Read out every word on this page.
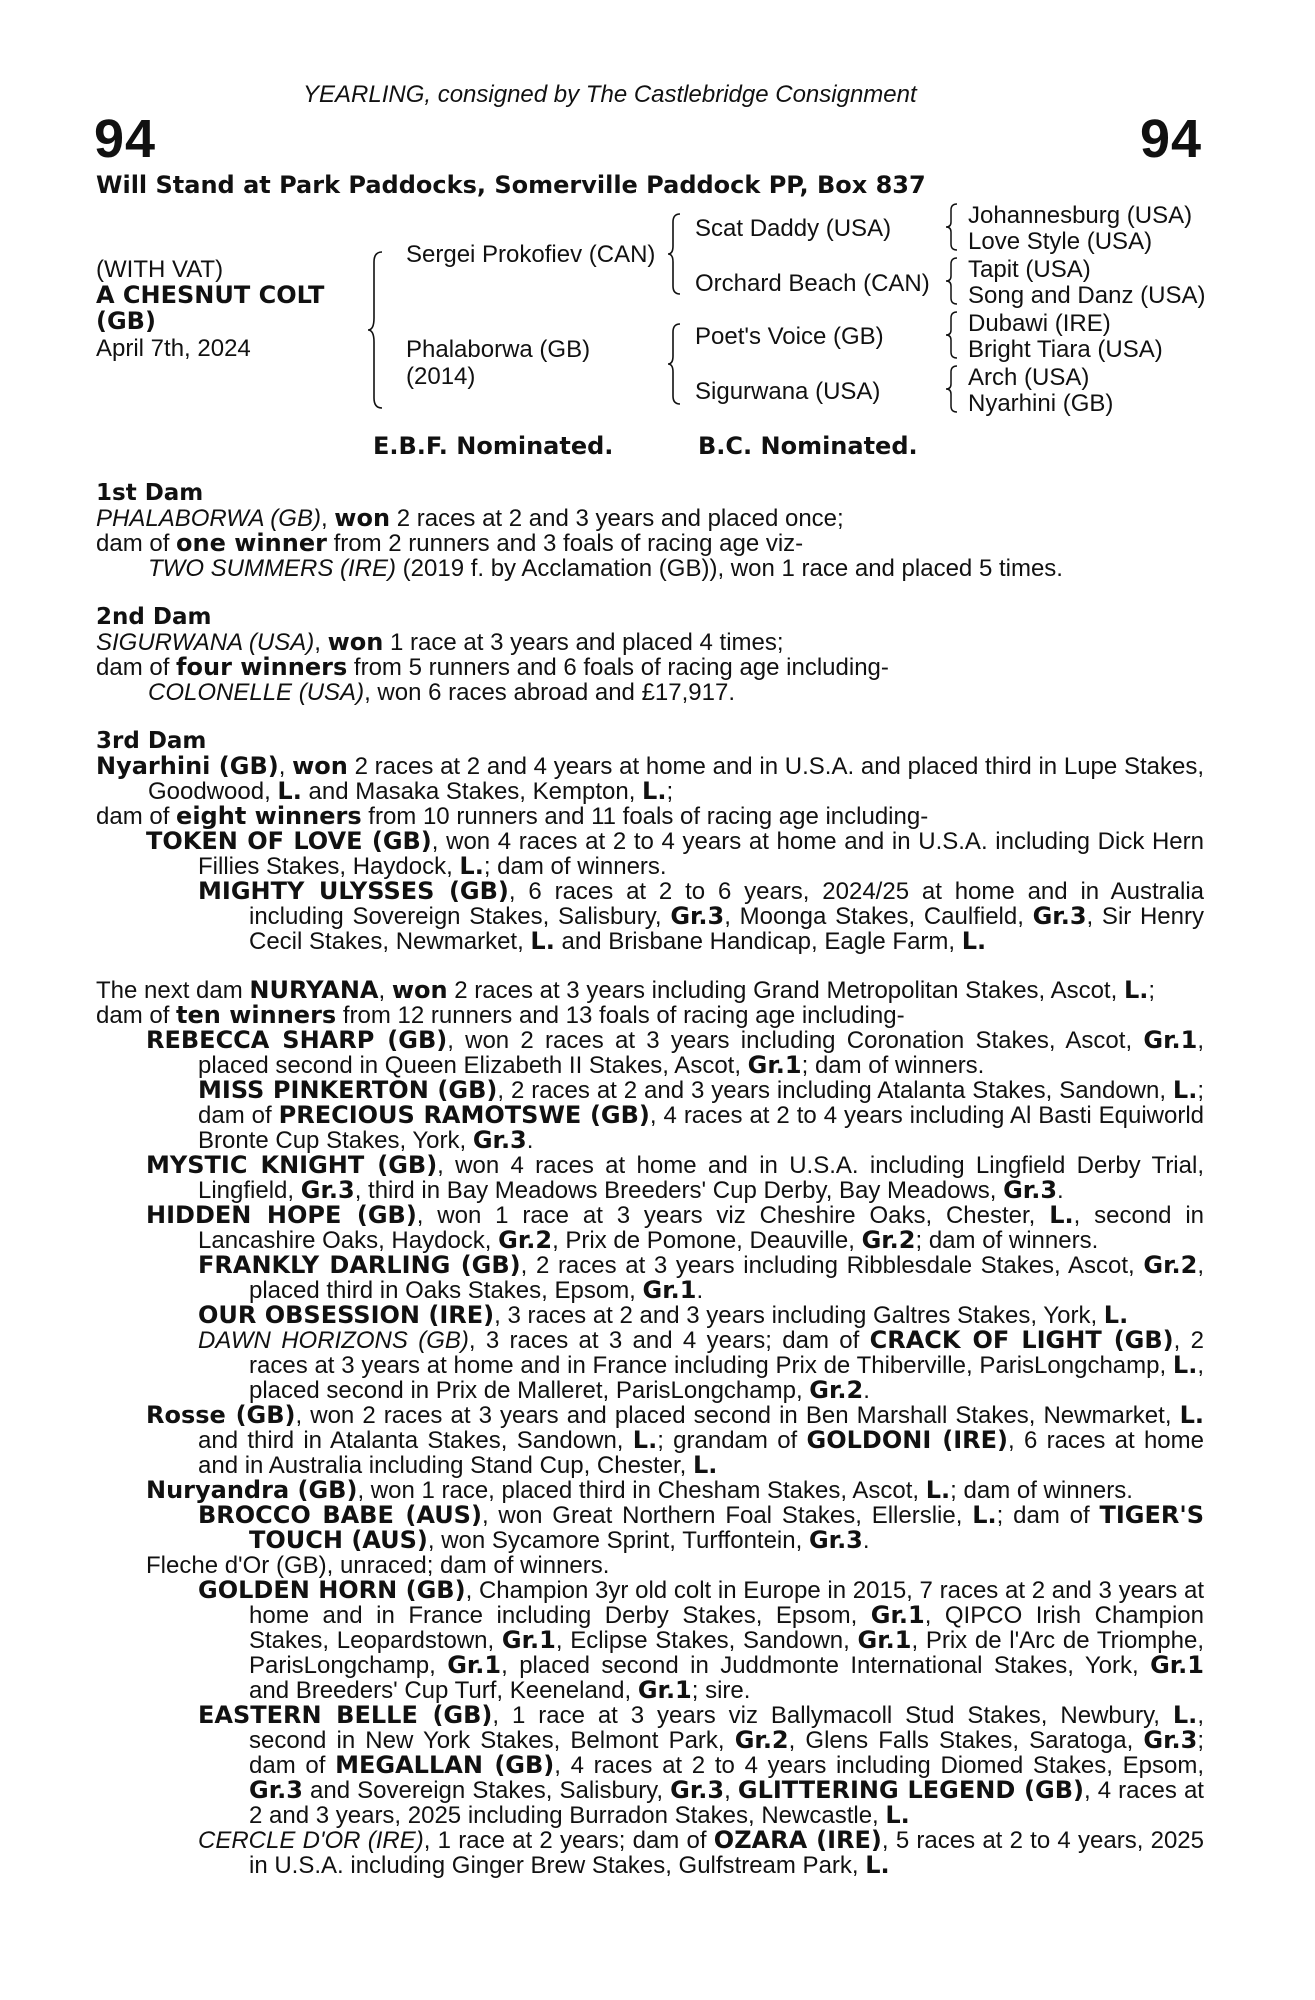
YEARLING, consigned by The Castlebridge Consignment
94	94
Will Stand at Park Paddocks, Somerville Paddock PP, Box 837
(WITH VAT)
A CHESNUT COLT
(GB)
April 7th, 2024
Sergei Prokofiev (CAN)
Phalaborwa (GB)
(2014)
Scat Daddy (USA)
Orchard Beach (CAN)
Poet's Voice (GB)
Sigurwana (USA)
Johannesburg (USA)
Love Style (USA)
Tapit (USA)
Song and Danz (USA)
Dubawi (IRE)
Bright Tiara (USA)
Arch (USA)
Nyarhini (GB)
E.B.F. Nominated.	B.C. Nominated.

1st Dam

PHALABORWA (GB), won 2 races at 2 and 3 years and placed once;

dam of one winner from 2 runners and 3 foals of racing age viz-

TWO SUMMERS (IRE) (2019 f. by Acclamation (GB)), won 1 race and placed 5 times.

2nd Dam

SIGURWANA (USA), won 1 race at 3 years and placed 4 times;

dam of four winners from 5 runners and 6 foals of racing age including-

COLONELLE (USA), won 6 races abroad and £17,917.

3rd Dam

Nyarhini (GB), won 2 races at 2 and 4 years at home and in U.S.A. and placed third in Lupe Stakes, Goodwood, L. and Masaka Stakes, Kempton, L.;

dam of eight winners from 10 runners and 11 foals of racing age including-

TOKEN OF LOVE (GB), won 4 races at 2 to 4 years at home and in U.S.A. including Dick Hern Fillies Stakes, Haydock, L.; dam of winners.

MIGHTY ULYSSES (GB), 6 races at 2 to 6 years, 2024/25 at home and in Australia including Sovereign Stakes, Salisbury, Gr.3, Moonga Stakes, Caulfield, Gr.3, Sir Henry Cecil Stakes, Newmarket, L. and Brisbane Handicap, Eagle Farm, L.

The next dam NURYANA, won 2 races at 3 years including Grand Metropolitan Stakes, Ascot, L.;

dam of ten winners from 12 runners and 13 foals of racing age including-

REBECCA SHARP (GB), won 2 races at 3 years including Coronation Stakes, Ascot, Gr.1, placed second in Queen Elizabeth II Stakes, Ascot, Gr.1; dam of winners.

MISS PINKERTON (GB), 2 races at 2 and 3 years including Atalanta Stakes, Sandown, L.; dam of PRECIOUS RAMOTSWE (GB), 4 races at 2 to 4 years including Al Basti Equiworld Bronte Cup Stakes, York, Gr.3.

MYSTIC KNIGHT (GB), won 4 races at home and in U.S.A. including Lingfield Derby Trial, Lingfield, Gr.3, third in Bay Meadows Breeders' Cup Derby, Bay Meadows, Gr.3.

HIDDEN HOPE (GB), won 1 race at 3 years viz Cheshire Oaks, Chester, L., second in Lancashire Oaks, Haydock, Gr.2, Prix de Pomone, Deauville, Gr.2; dam of winners.

FRANKLY DARLING (GB), 2 races at 3 years including Ribblesdale Stakes, Ascot, Gr.2, placed third in Oaks Stakes, Epsom, Gr.1.

OUR OBSESSION (IRE), 3 races at 2 and 3 years including Galtres Stakes, York, L.

DAWN HORIZONS (GB), 3 races at 3 and 4 years; dam of CRACK OF LIGHT (GB), 2 races at 3 years at home and in France including Prix de Thiberville, ParisLongchamp, L., placed second in Prix de Malleret, ParisLongchamp, Gr.2.

Rosse (GB), won 2 races at 3 years and placed second in Ben Marshall Stakes, Newmarket, L. and third in Atalanta Stakes, Sandown, L.; grandam of GOLDONI (IRE), 6 races at home and in Australia including Stand Cup, Chester, L.

Nuryandra (GB), won 1 race, placed third in Chesham Stakes, Ascot, L.; dam of winners.

BROCCO BABE (AUS), won Great Northern Foal Stakes, Ellerslie, L.; dam of TIGER'S TOUCH (AUS), won Sycamore Sprint, Turffontein, Gr.3.

Fleche d'Or (GB), unraced; dam of winners.

GOLDEN HORN (GB), Champion 3yr old colt in Europe in 2015, 7 races at 2 and 3 years at home and in France including Derby Stakes, Epsom, Gr.1, QIPCO Irish Champion Stakes, Leopardstown, Gr.1, Eclipse Stakes, Sandown, Gr.1, Prix de l'Arc de Triomphe, ParisLongchamp, Gr.1, placed second in Juddmonte International Stakes, York, Gr.1 and Breeders' Cup Turf, Keeneland, Gr.1; sire.

EASTERN BELLE (GB), 1 race at 3 years viz Ballymacoll Stud Stakes, Newbury, L., second in New York Stakes, Belmont Park, Gr.2, Glens Falls Stakes, Saratoga, Gr.3; dam of MEGALLAN (GB), 4 races at 2 to 4 years including Diomed Stakes, Epsom, Gr.3 and Sovereign Stakes, Salisbury, Gr.3, GLITTERING LEGEND (GB), 4 races at 2 and 3 years, 2025 including Burradon Stakes, Newcastle, L.

CERCLE D'OR (IRE), 1 race at 2 years; dam of OZARA (IRE), 5 races at 2 to 4 years, 2025 in U.S.A. including Ginger Brew Stakes, Gulfstream Park, L.
